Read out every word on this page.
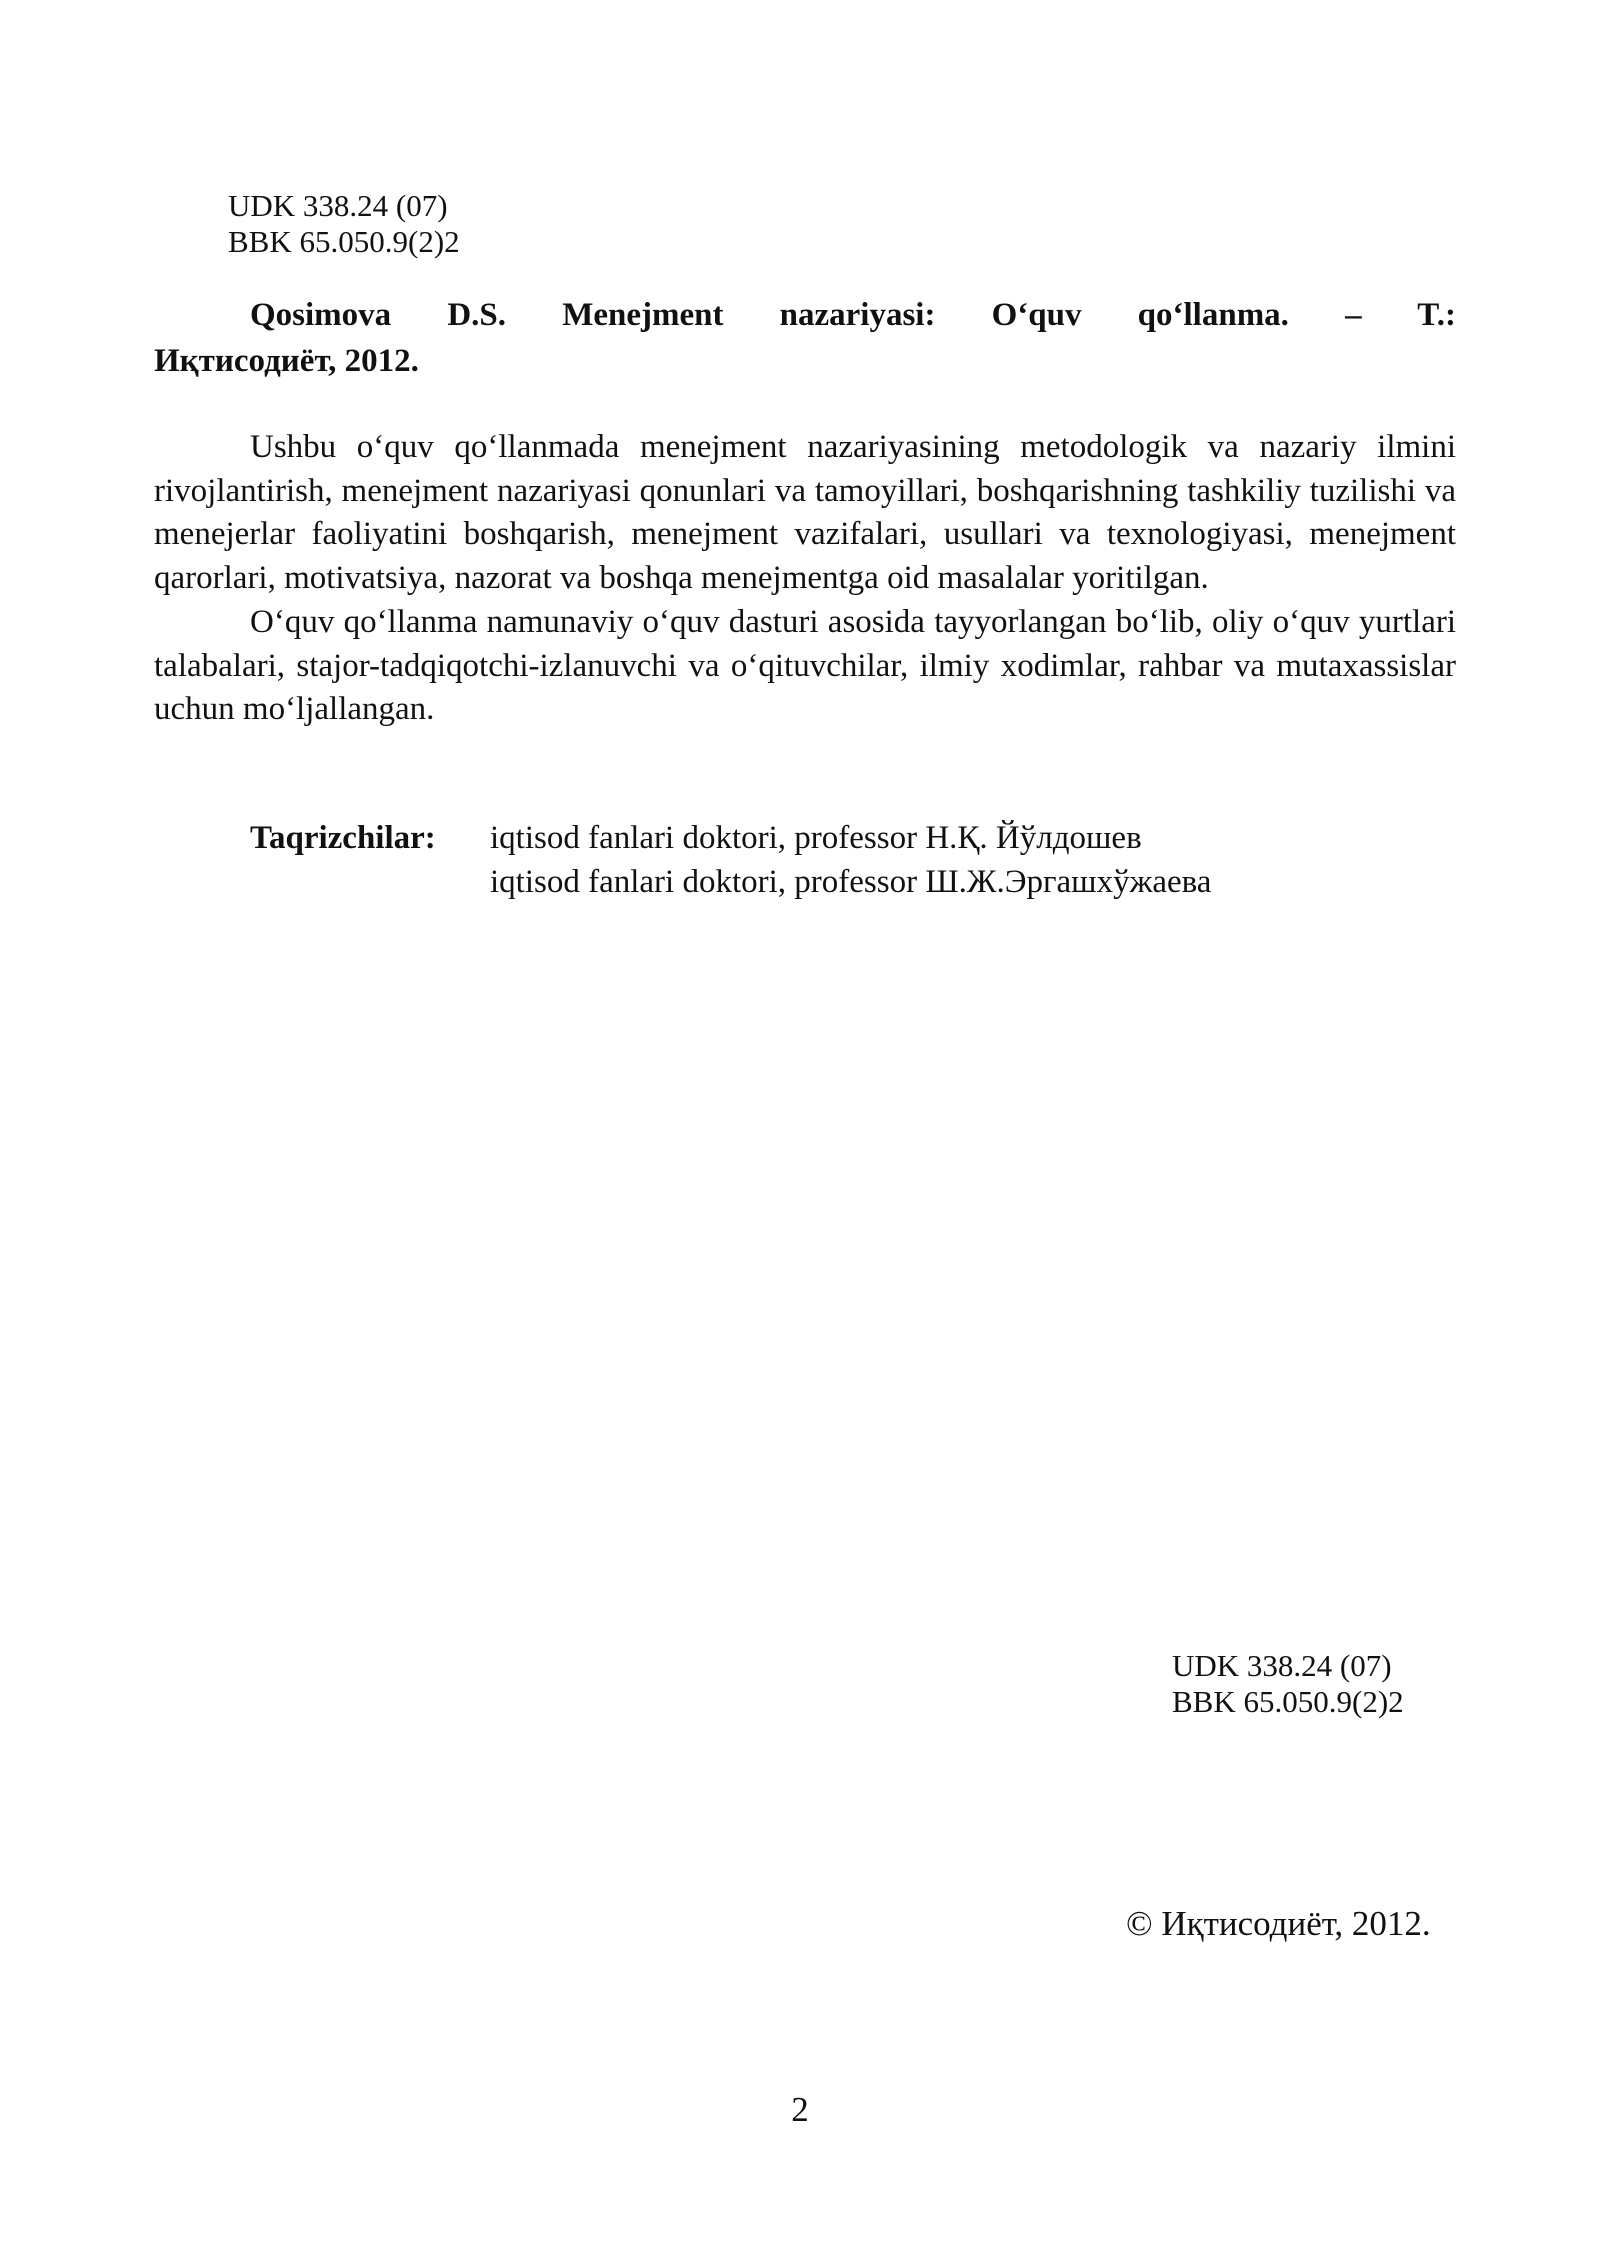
UDK 338.24 (07)

BBK 65.050.9(2)2

Qosimova D.S. Menejment nazariyasi: O‘quv qo‘llanma. – T.:

Иқтисодиёт, 2012.

Ushbu o‘quv qo‘llanmada menejment nazariyasining metodologik va nazariy ilmini rivojlantirish, menejment nazariyasi qonunlari va tamoyillari, boshqarishning tashkiliy tuzilishi va menejerlar faoliyatini boshqarish, menejment vazifalari, usullari va texnologiyasi, menejment qarorlari, motivatsiya, nazorat va boshqa menejmentga oid masalalar yoritilgan.

O‘quv qo‘llanma namunaviy o‘quv dasturi asosida tayyorlangan bo‘lib, oliy o‘quv yurtlari talabalari, stajor-tadqiqotchi-izlanuvchi va o‘qituvchilar, ilmiy xodimlar, rahbar va mutaxassislar uchun mo‘ljallangan.

Taqrizchilar: iqtisod fanlari doktori, professor Н.Қ. Йўлдошев

iqtisod fanlari doktori, professor Ш.Ж.Эргашхўжаева

UDK 338.24 (07)

BBK 65.050.9(2)2

© Иқтисодиёт, 2012.
2
